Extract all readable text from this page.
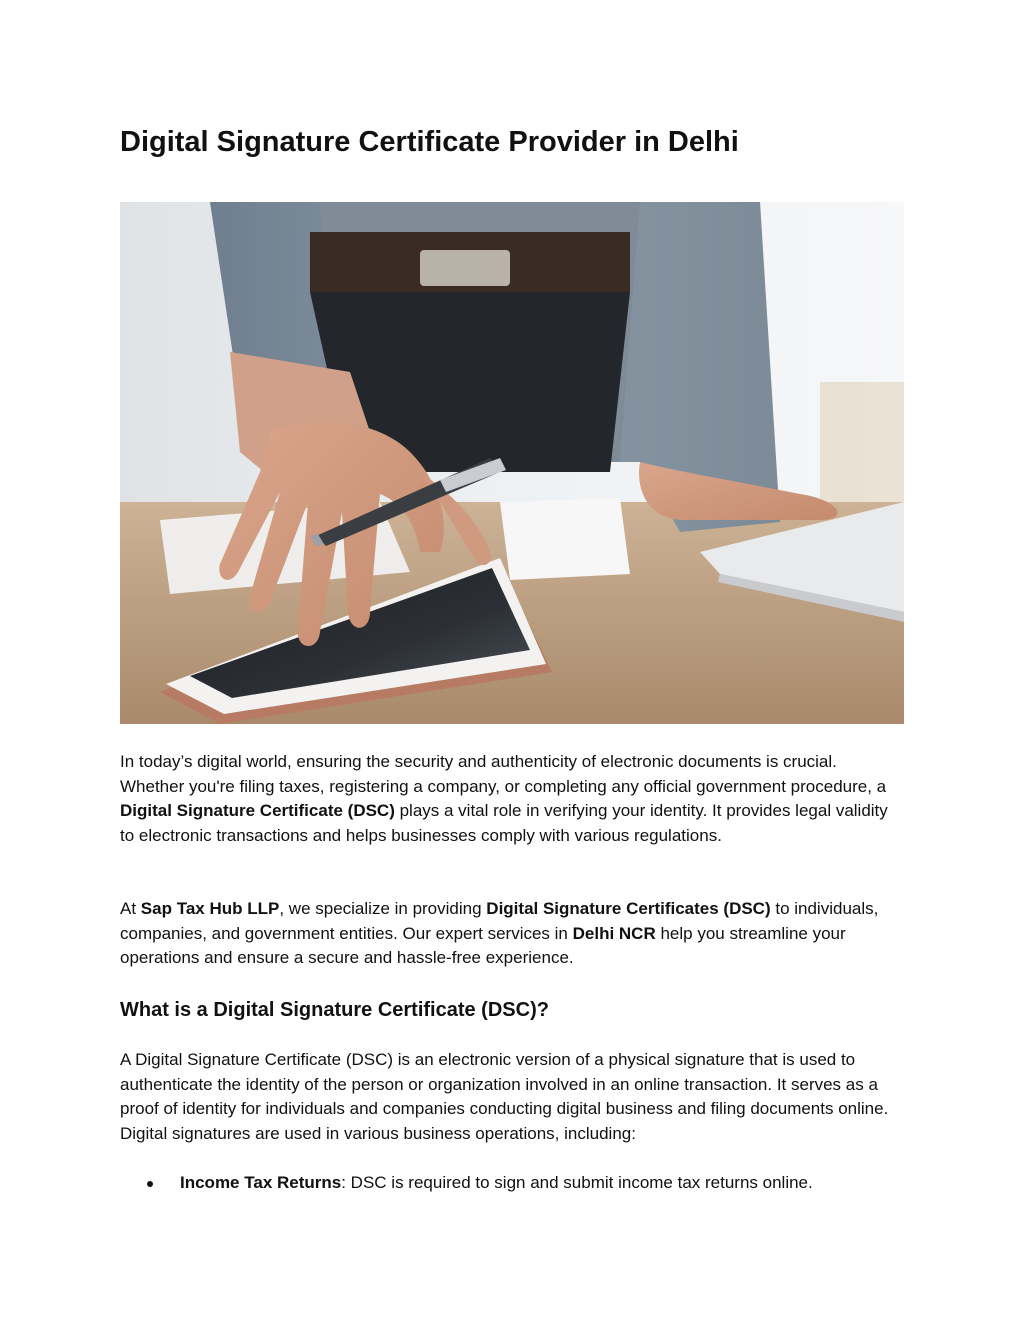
Digital Signature Certificate Provider in Delhi

In today’s digital world, ensuring the security and authenticity of electronic documents is crucial. Whether you're filing taxes, registering a company, or completing any official government procedure, a Digital Signature Certificate (DSC) plays a vital role in verifying your identity. It provides legal validity to electronic transactions and helps businesses comply with various regulations.

At Sap Tax Hub LLP, we specialize in providing Digital Signature Certificates (DSC) to individuals, companies, and government entities. Our expert services in Delhi NCR help you streamline your operations and ensure a secure and hassle-free experience.

What is a Digital Signature Certificate (DSC)?

A Digital Signature Certificate (DSC) is an electronic version of a physical signature that is used to authenticate the identity of the person or organization involved in an online transaction. It serves as a proof of identity for individuals and companies conducting digital business and filing documents online.
Digital signatures are used in various business operations, including:

Income Tax Returns: DSC is required to sign and submit income tax returns online.
